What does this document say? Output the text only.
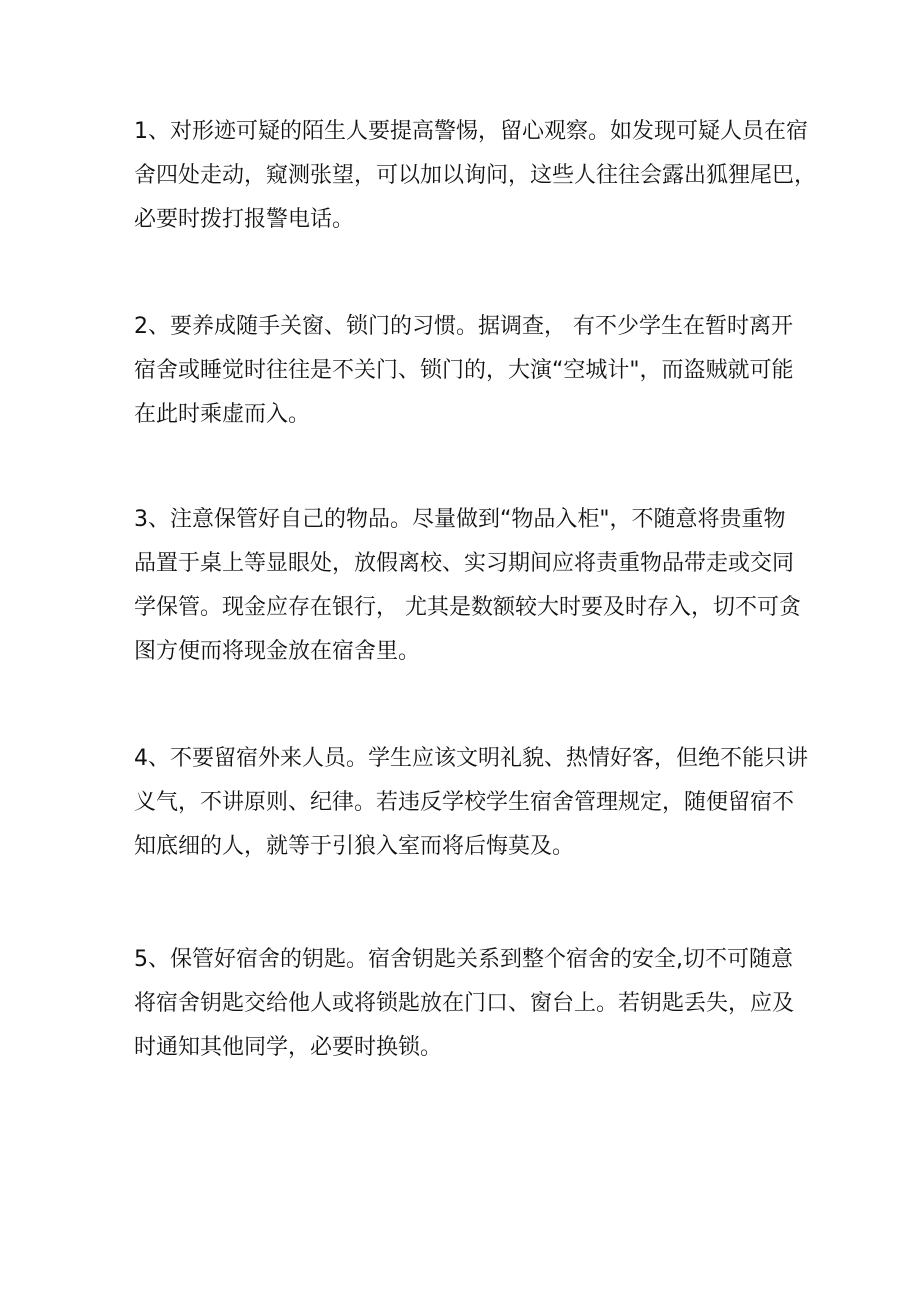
1、对形迹可疑的陌生人要提高警惕，留心观察。如发现可疑人员在宿
舍四处走动，窥测张望，可以加以询问，这些人往往会露出狐狸尾巴，
必要时拨打报警电话。
2、要养成随手关窗、锁门的习惯。据调查， 有不少学生在暂时离开
宿舍或睡觉时往往是不关门、锁门的，大演“空城计"，而盗贼就可能
在此时乘虚而入。
3、注意保管好自己的物品。尽量做到“物品入柜"，不随意将贵重物
品置于桌上等显眼处，放假离校、实习期间应将责重物品带走或交同
学保管。现金应存在银行， 尤其是数额较大时要及时存入，切不可贪
图方便而将现金放在宿舍里。
4、不要留宿外来人员。学生应该文明礼貌、热情好客，但绝不能只讲
义气，不讲原则、纪律。若违反学校学生宿舍管理规定，随便留宿不
知底细的人，就等于引狼入室而将后悔莫及。
5、保管好宿舍的钥匙。宿舍钥匙关系到整个宿舍的安全,切不可随意
将宿舍钥匙交给他人或将锁匙放在门口、窗台上。若钥匙丢失，应及
时通知其他同学，必要时换锁。
